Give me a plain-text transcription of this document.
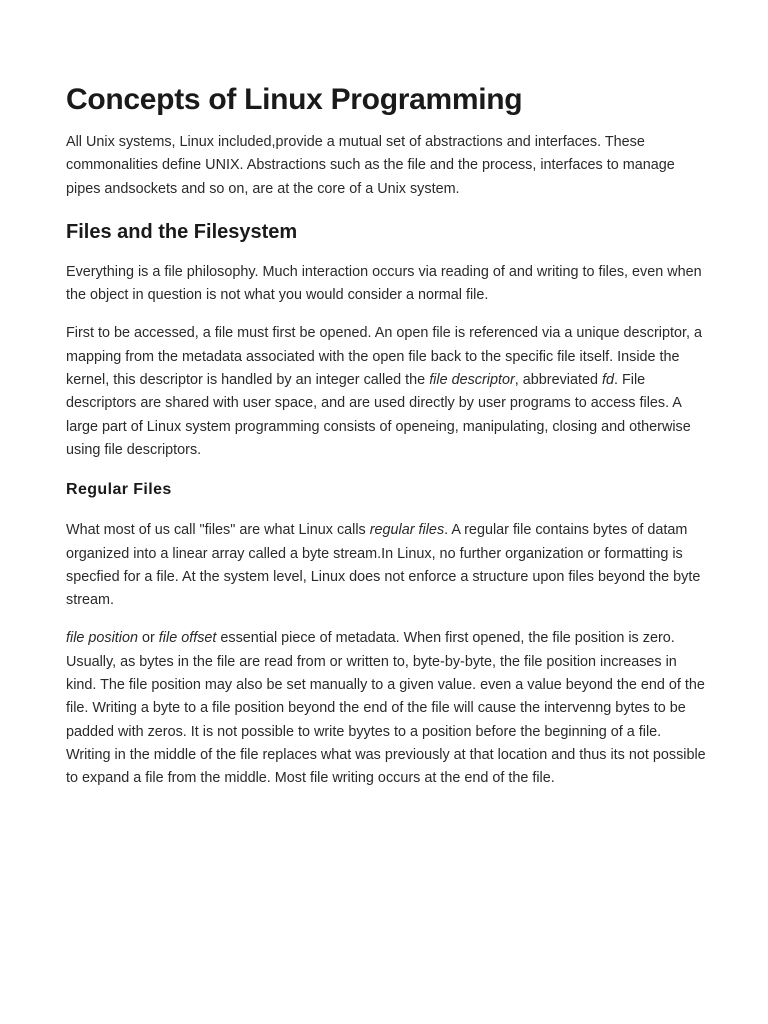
Concepts of Linux Programming

All Unix systems, Linux included,provide a mutual set of abstractions and interfaces. These commonalities define UNIX. Abstractions such as the file and the process, interfaces to manage pipes andsockets and so on, are at the core of a Unix system.

Files and the Filesystem

Everything is a file philosophy. Much interaction occurs via reading of and writing to files, even when the object in question is not what you would consider a normal file.

First to be accessed, a file must first be opened. An open file is referenced via a unique descriptor, a mapping from the metadata associated with the open file back to the specific file itself. Inside the kernel, this descriptor is handled by an integer called the file descriptor, abbreviated fd. File descriptors are shared with user space, and are used directly by user programs to access files. A large part of Linux system programming consists of openeing, manipulating, closing and otherwise using file descriptors.

Regular Files

What most of us call "files" are what Linux calls regular files. A regular file contains bytes of datam organized into a linear array called a byte stream.In Linux, no further organization or formatting is specfied for a file. At the system level, Linux does not enforce a structure upon files beyond the byte stream.

file position or file offset essential piece of metadata. When first opened, the file position is zero. Usually, as bytes in the file are read from or written to, byte-by-byte, the file position increases in kind. The file position may also be set manually to a given value. even a value beyond the end of the file. Writing a byte to a file position beyond the end of the file will cause the intervenng bytes to be padded with zeros. It is not possible to write byytes to a position before the beginning of a file. Writing in the middle of the file replaces what was previously at that location and thus its not possible to expand a file from the middle. Most file writing occurs at the end of the file.
